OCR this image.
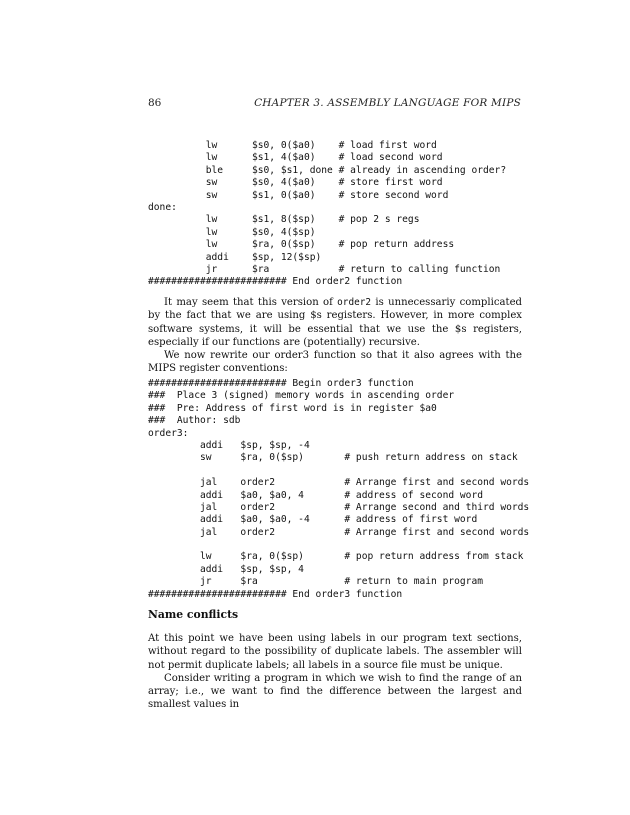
86	CHAPTER 3. ASSEMBLY LANGUAGE FOR MIPS
lw      $s0, 0($a0)    # load first word
lw      $s1, 4($a0)    # load second word
ble     $s0, $s1, done # already in ascending order?
sw      $s0, 4($a0)    # store first word
sw      $s1, 0($a0)    # store second word
done:
lw      $s1, 8($sp)    # pop 2 s regs
lw      $s0, 4($sp)
lw      $ra, 0($sp)    # pop return address
addi    $sp, 12($sp)
jr      $ra            # return to calling function
######################## End order2 function

It may seem that this version of order2 is unnecessariy complicated by the fact that we are using $s registers. However, in more complex software systems, it will be essential that we use the $s registers, especially if our functions are (potentially) recursive.

We now rewrite our order3 function so that it also agrees with the MIPS register conventions:

######################## Begin order3 function
###  Place 3 (signed) memory words in ascending order
###  Pre: Address of first word is in register $a0
###  Author: sdb
order3:
addi   $sp, $sp, -4
sw     $ra, 0($sp)       # push return address on stack
jal    order2            # Arrange first and second words
addi   $a0, $a0, 4       # address of second word
jal    order2            # Arrange second and third words
addi   $a0, $a0, -4      # address of first word
jal    order2            # Arrange first and second words
lw     $ra, 0($sp)       # pop return address from stack
addi   $sp, $sp, 4
jr     $ra               # return to main program
######################## End order3 function
Name conflicts

At this point we have been using labels in our program text sections, without regard to the possibility of duplicate labels. The assembler will not permit duplicate labels; all labels in a source file must be unique.

Consider writing a program in which we wish to find the range of an array; i.e., we want to find the difference between the largest and smallest values in
